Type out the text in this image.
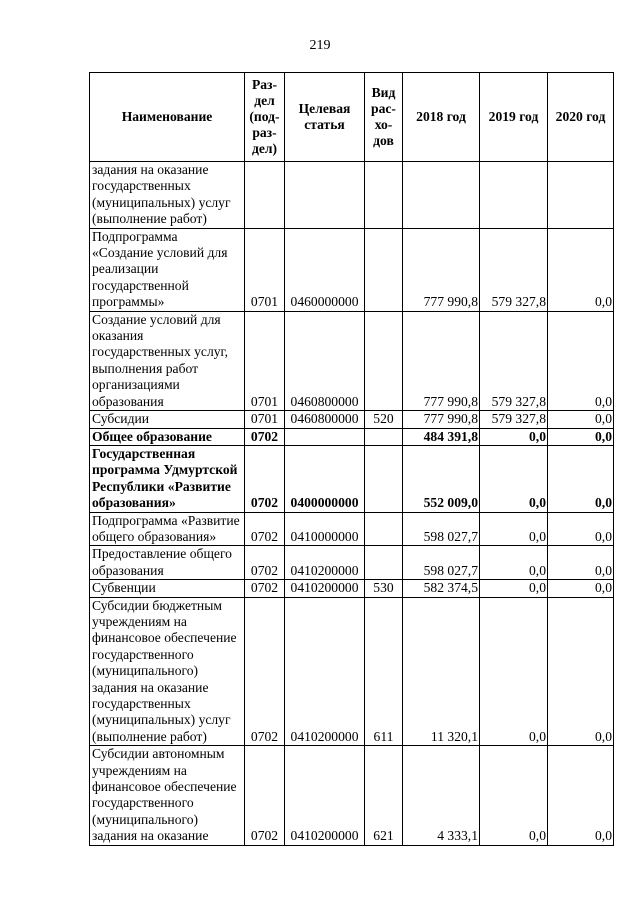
219
Наименование	Раз-дел (под-раз-дел)	Целевая статья	Вид рас-хо-дов	2018 год	2019 год	2020 год
задания на оказание государственных (муниципальных) услуг (выполнение работ)						
Подпрограмма «Создание условий для реализации государственной программы»	0701	0460000000		777 990,8	579 327,8	0,0
Создание условий для оказания государственных услуг, выполнения работ организациями образования	0701	0460800000		777 990,8	579 327,8	0,0
Субсидии	0701	0460800000	520	777 990,8	579 327,8	0,0
Общее образование	0702			484 391,8	0,0	0,0
Государственная программа Удмуртской Республики «Развитие образования»	0702	0400000000		552 009,0	0,0	0,0
Подпрограмма «Развитие общего образования»	0702	0410000000		598 027,7	0,0	0,0
Предоставление общего образования	0702	0410200000		598 027,7	0,0	0,0
Субвенции	0702	0410200000	530	582 374,5	0,0	0,0
Субсидии бюджетным учреждениям на финансовое обеспечение государственного (муниципального) задания на оказание государственных (муниципальных) услуг (выполнение работ)	0702	0410200000	611	11 320,1	0,0	0,0
Субсидии автономным учреждениям на финансовое обеспечение государственного (муниципального) задания на оказание	0702	0410200000	621	4 333,1	0,0	0,0
